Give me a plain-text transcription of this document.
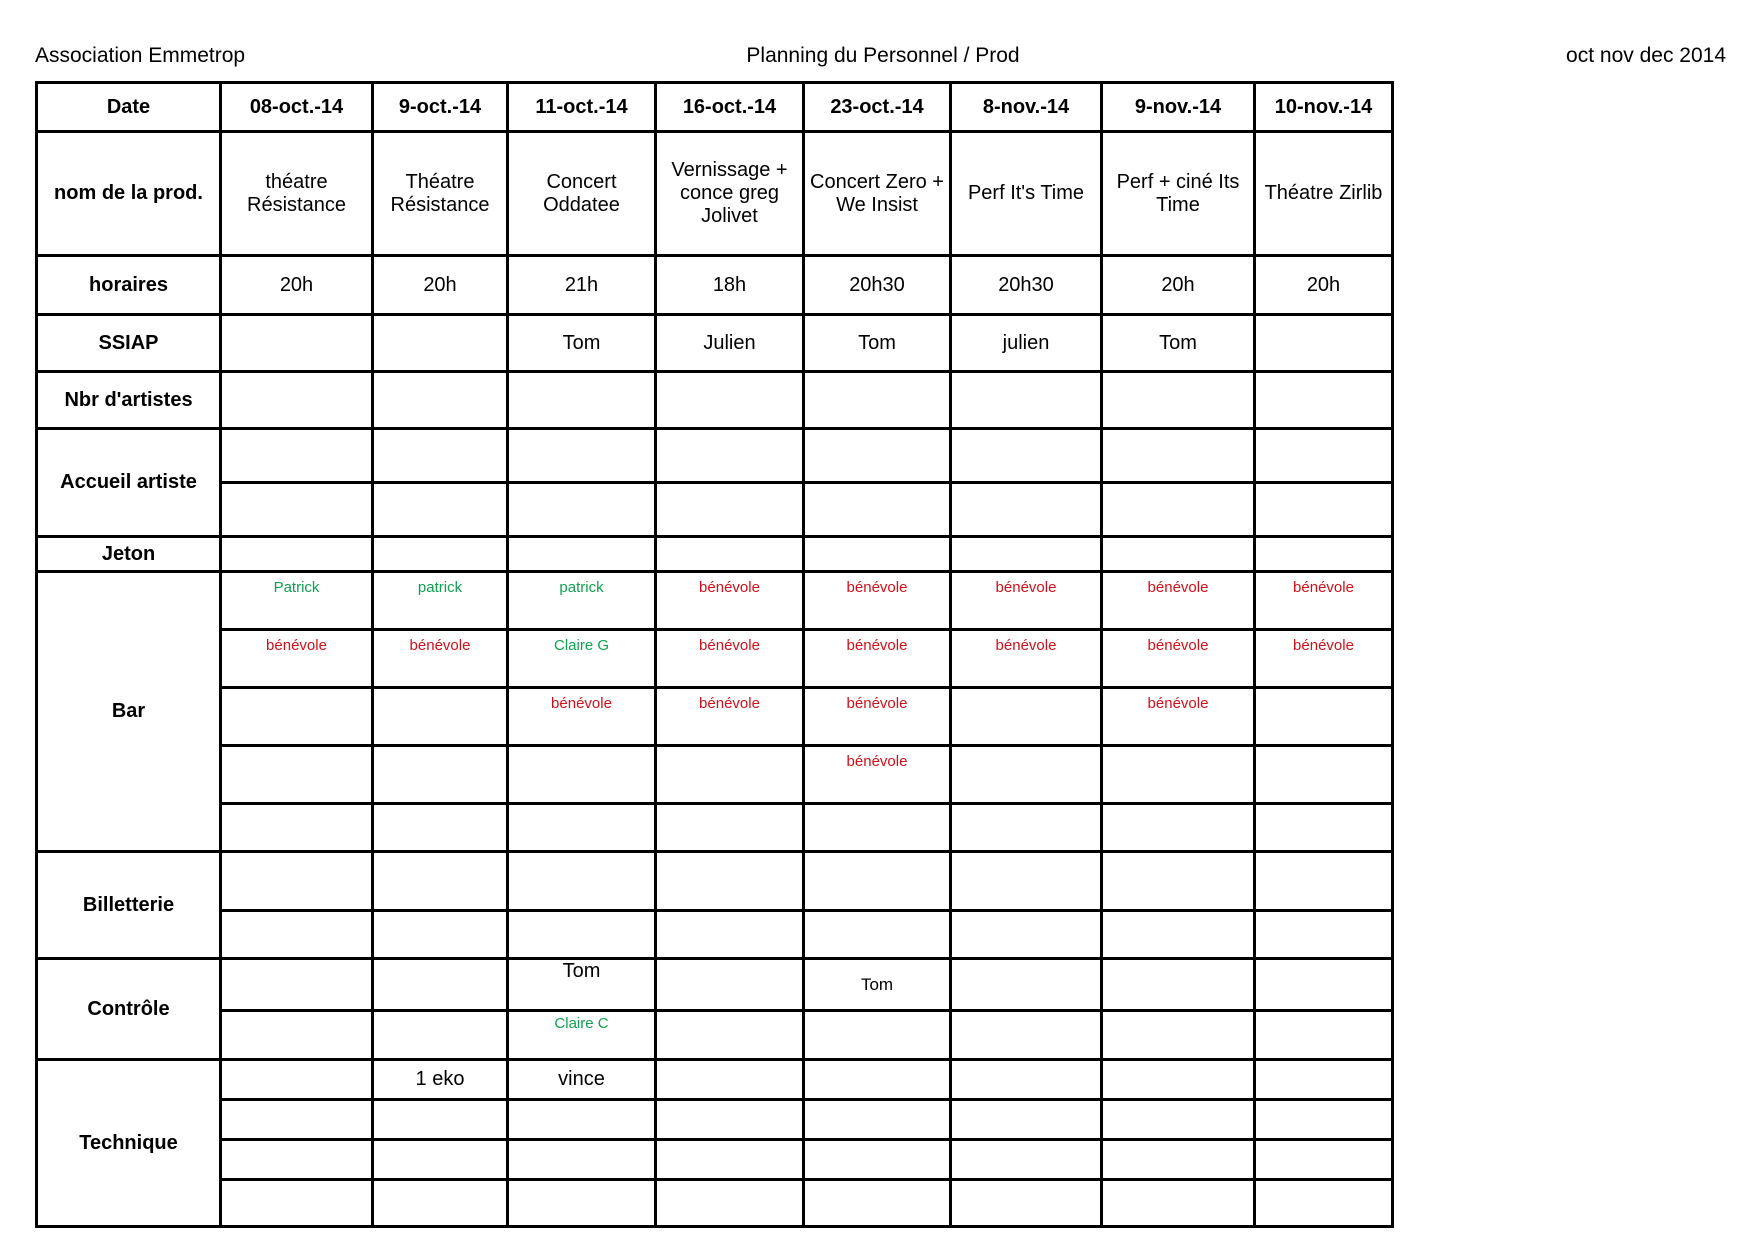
Association Emmetrop	Planning du Personnel / Prod	oct nov dec 2014
Date	08-oct.-14	9-oct.-14	11-oct.-14	16-oct.-14	23-oct.-14	8-nov.-14	9-nov.-14	10-nov.-14
nom de la prod.	théatre Résistance	Théatre Résistance	Concert Oddatee	Vernissage + conce greg Jolivet	Concert Zero + We Insist	Perf It's Time	Perf + ciné Its Time	Théatre Zirlib
horaires	20h	20h	21h	18h	20h30	20h30	20h	20h
SSIAP			Tom	Julien	Tom	julien	Tom	
Nbr d'artistes								
Accueil artiste								

Jeton								
Bar	Patrick	patrick	patrick	bénévole	bénévole	bénévole	bénévole	bénévole
	bénévole	bénévole	Claire G	bénévole	bénévole	bénévole	bénévole	bénévole
			bénévole	bénévole	bénévole		bénévole	
					bénévole			

Billetterie								

Contrôle			Tom		Tom			
			Claire C					
Technique		1 eko	vince					
